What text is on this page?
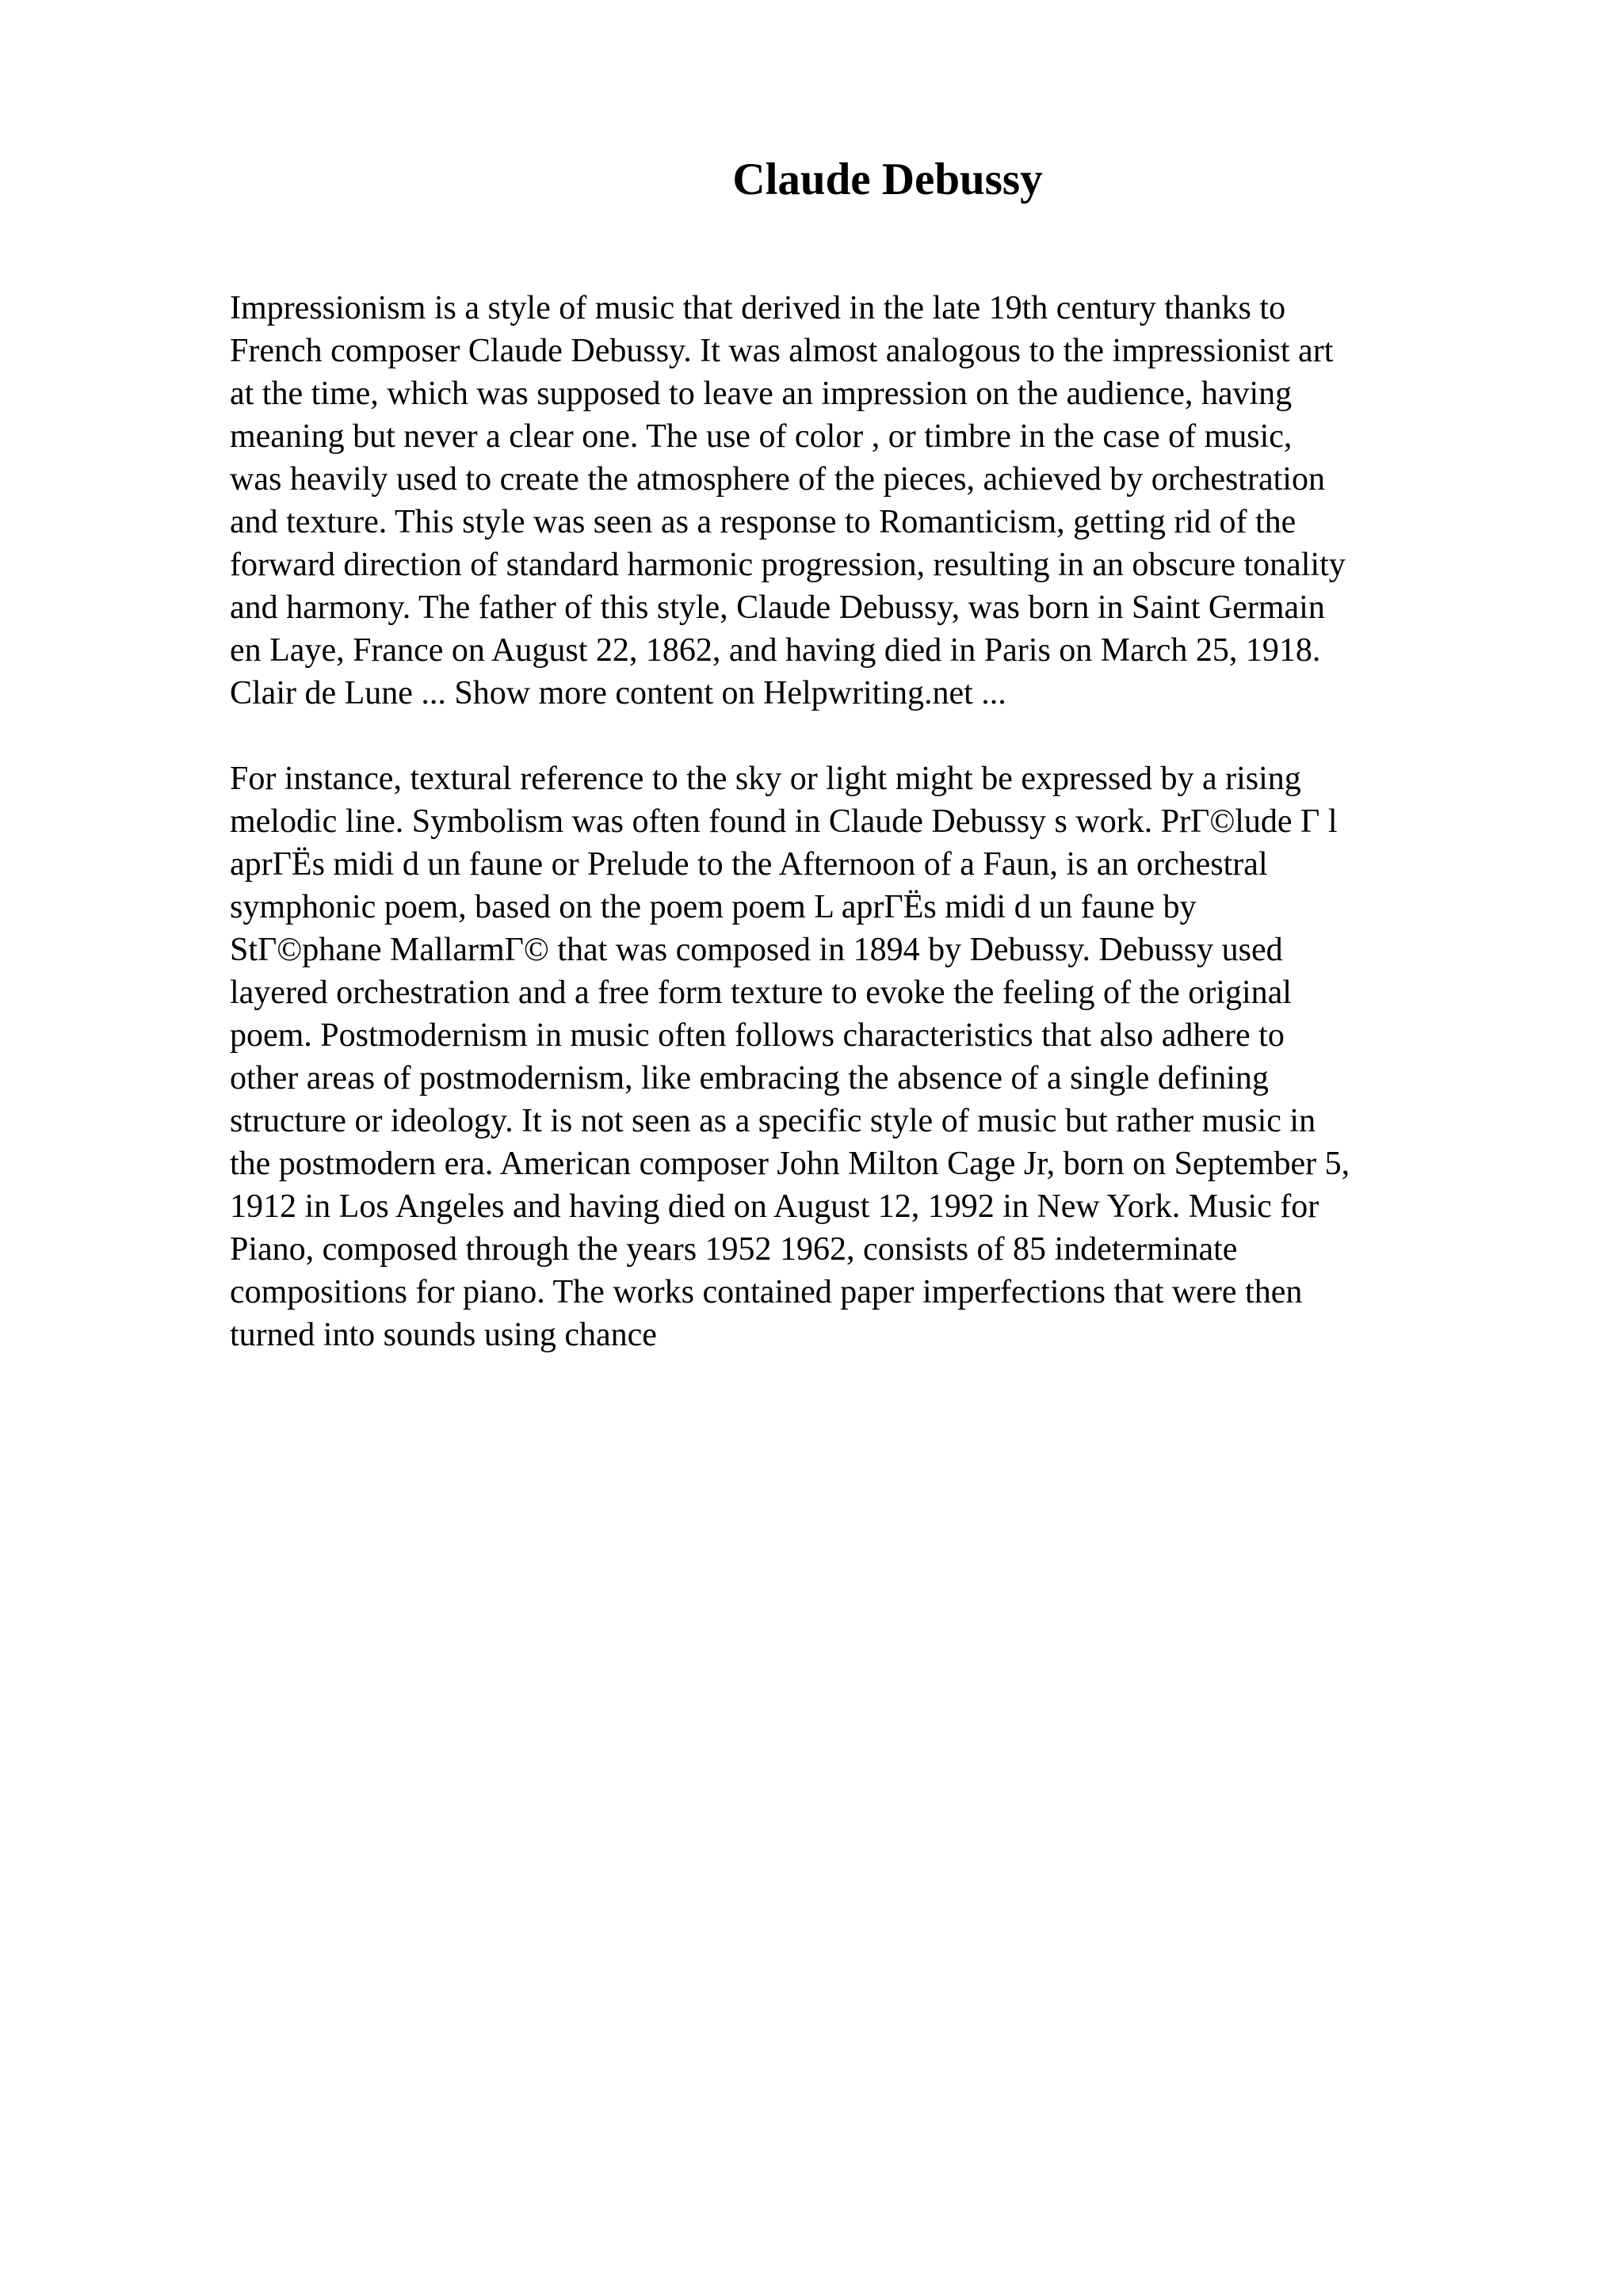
Claude Debussy

Impressionism is a style of music that derived in the late 19th century thanks to
French composer Claude Debussy. It was almost analogous to the impressionist art
at the time, which was supposed to leave an impression on the audience, having
meaning but never a clear one. The use of color , or timbre in the case of music,
was heavily used to create the atmosphere of the pieces, achieved by orchestration
and texture. This style was seen as a response to Romanticism, getting rid of the
forward direction of standard harmonic progression, resulting in an obscure tonality
and harmony. The father of this style, Claude Debussy, was born in Saint Germain
en Laye, France on August 22, 1862, and having died in Paris on March 25, 1918.
Clair de Lune ... Show more content on Helpwriting.net ...

For instance, textural reference to the sky or light might be expressed by a rising
melodic line. Symbolism was often found in Claude Debussy s work. PrГ©lude Г l
aprГЁs midi d un faune or Prelude to the Afternoon of a Faun, is an orchestral
symphonic poem, based on the poem poem L aprГЁs midi d un faune by
StГ©phane MallarmГ© that was composed in 1894 by Debussy. Debussy used
layered orchestration and a free form texture to evoke the feeling of the original
poem. Postmodernism in music often follows characteristics that also adhere to
other areas of postmodernism, like embracing the absence of a single defining
structure or ideology. It is not seen as a specific style of music but rather music in
the postmodern era. American composer John Milton Cage Jr, born on September 5,
1912 in Los Angeles and having died on August 12, 1992 in New York. Music for
Piano, composed through the years 1952 1962, consists of 85 indeterminate
compositions for piano. The works contained paper imperfections that were then
turned into sounds using chance
